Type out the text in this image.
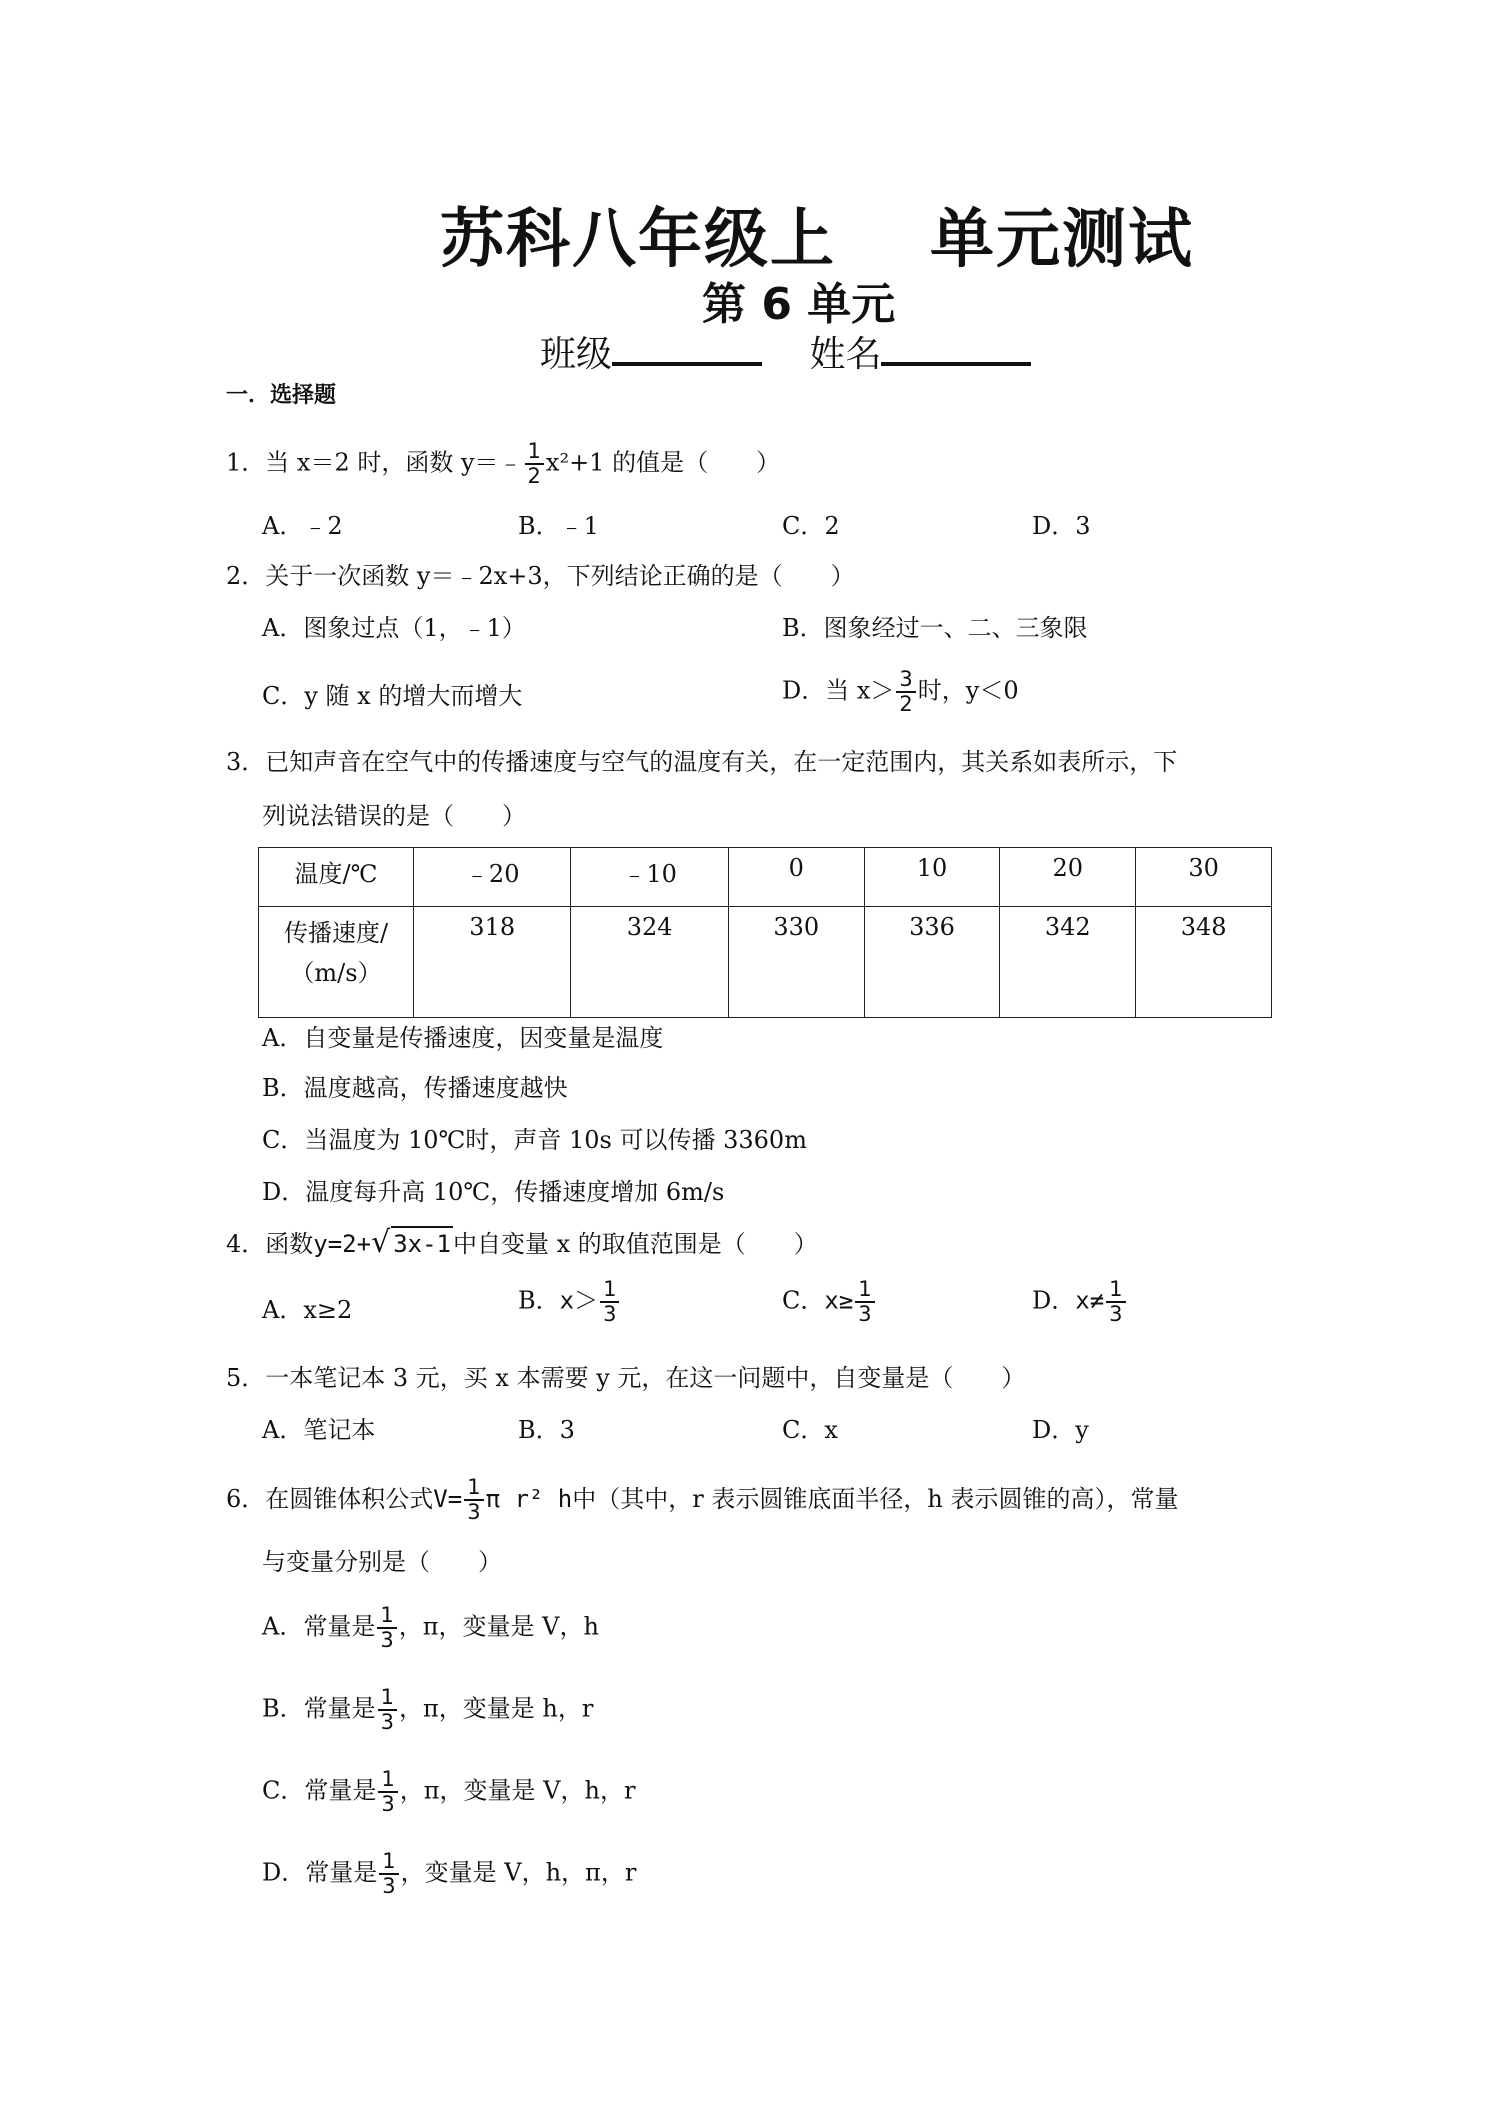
苏科八年级上 单元测试
第 6 单元
班级	姓名
一．选择题
1．当 x＝2 时，函数 y＝﹣ $\frac{1}{2} x^2+1$ 的值是（　　）
A．﹣2	B．﹣1	C．2	D．3
2．关于一次函数 y＝﹣2x+3，下列结论正确的是（　　）
A．图象过点（1，﹣1）	B．图象经过一、二、三象限
C．y 随 x 的增大而增大	D．当 $x> \frac{3}{2}$ 时，y＜0
3．已知声音在空气中的传播速度与空气的温度有关，在一定范围内，其关系如表所示，下
列说法错误的是（　　）
温度/℃	﹣20	﹣10	0	10	20	30

传播速度/
（m/s）	318	324	330	336	342	348
A．自变量是传播速度，因变量是温度
B．温度越高，传播速度越快
C．当温度为 10℃时，声音 10s 可以传播 3360m
D．温度每升高 10℃，传播速度增加 6m/s
4．函数y=2+√ 3x-1中自变量 x 的取值范围是（　　）
A．x≥2	B．$x> \frac{1}{3}$	C．$x\ge \frac{1}{3}$	D．$x\ne \frac{1}{3}$
5．一本笔记本 3 元，买 x 本需要 y 元，在这一问题中，自变量是（　　）
A．笔记本	B．3	C．x	D．y
6．在圆锥体积公式$V= \frac{1}{3}$ π r² h中（其中，r 表示圆锥底面半径，h 表示圆锥的高），常量
与变量分别是（　　）
A．常量是 $\frac{1}{3}$ ，π，变量是 V，h
B．常量是 $\frac{1}{3}$ ，π，变量是 h，r
C．常量是 $\frac{1}{3}$ ，π，变量是 V，h，r
D．常量是 $\frac{1}{3}$ ，变量是 V，h，π，r
